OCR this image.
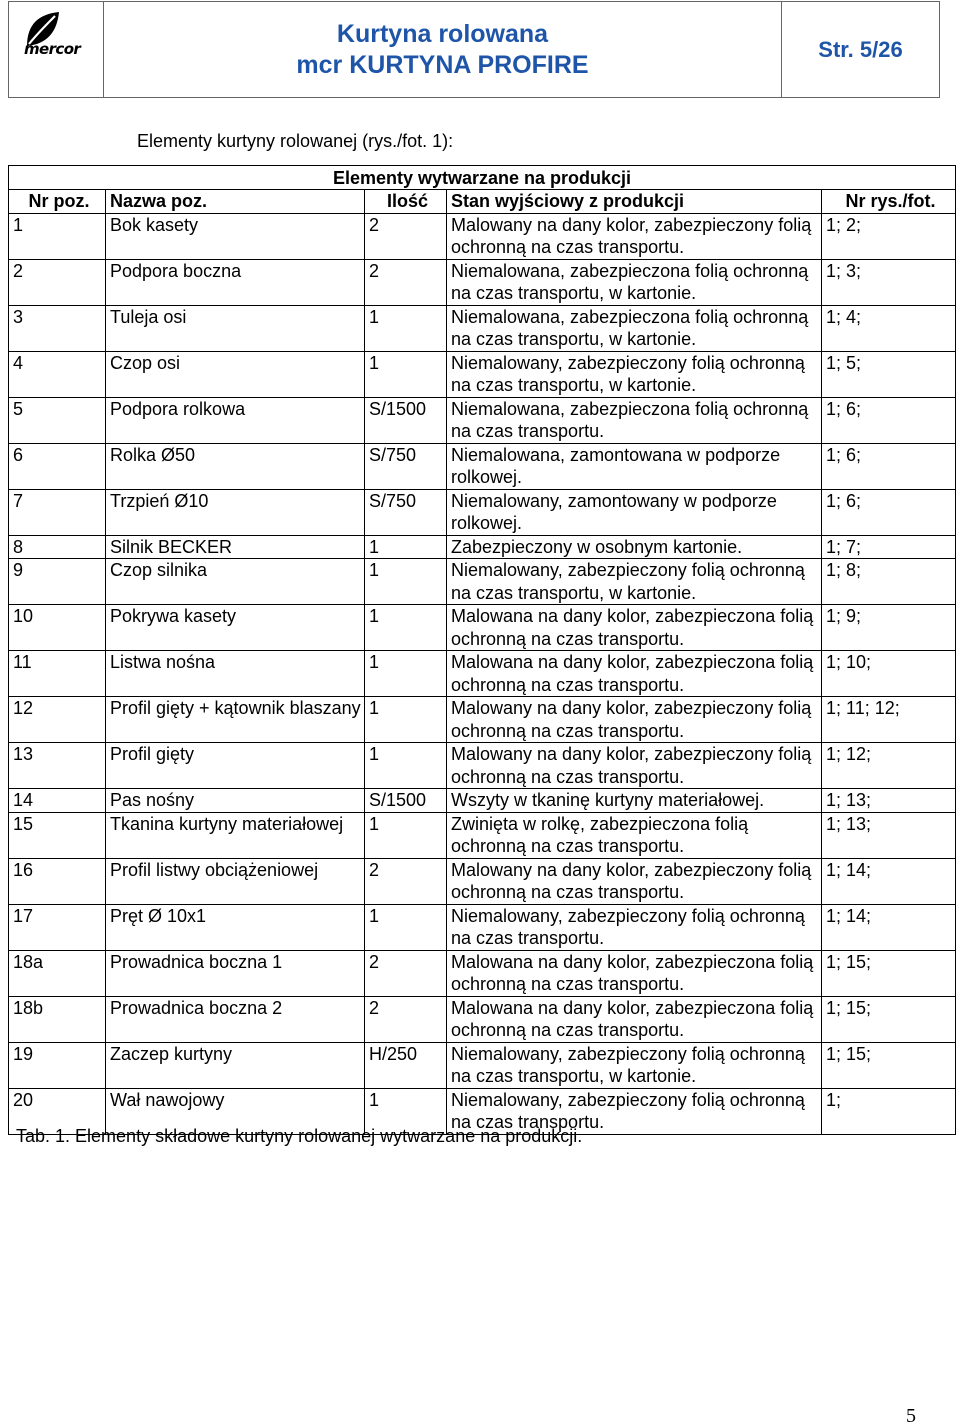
mercor
Kurtyna rolowana
mcr KURTYNA PROFIRE
Str. 5/26
Elementy kurtyny rolowanej (rys./fot. 1):
Elementy wytwarzane na produkcji				
Nr poz.	Nazwa poz.	Ilość	Stan wyjściowy z produkcji	Nr rys./fot.
1	Bok kasety	2	Malowany na dany kolor, zabezpieczony folią ochronną na czas transportu.	1; 2;
2	Podpora boczna	2	Niemalowana, zabezpieczona folią ochronną na czas transportu, w kartonie.	1; 3;
3	Tuleja osi	1	Niemalowana, zabezpieczona folią ochronną na czas transportu, w kartonie.	1; 4;
4	Czop osi	1	Niemalowany, zabezpieczony folią ochronną na czas transportu, w kartonie.	1; 5;
5	Podpora rolkowa	S/1500	Niemalowana, zabezpieczona folią ochronną na czas transportu.	1; 6;
6	Rolka Ø50	S/750	Niemalowana, zamontowana w podporze rolkowej.	1; 6;
7	Trzpień Ø10	S/750	Niemalowany, zamontowany w podporze rolkowej.	1; 6;
8	Silnik BECKER	1	Zabezpieczony w osobnym kartonie.	1; 7;
9	Czop silnika	1	Niemalowany, zabezpieczony folią ochronną na czas transportu, w kartonie.	1; 8;
10	Pokrywa kasety	1	Malowana na dany kolor, zabezpieczona folią ochronną na czas transportu.	1; 9;
11	Listwa nośna	1	Malowana na dany kolor, zabezpieczona folią ochronną na czas transportu.	1; 10;
12	Profil gięty + kątownik blaszany	1	Malowany na dany kolor, zabezpieczony folią ochronną na czas transportu.	1; 11; 12;
13	Profil gięty	1	Malowany na dany kolor, zabezpieczony folią ochronną na czas transportu.	1; 12;
14	Pas nośny	S/1500	Wszyty w tkaninę kurtyny materiałowej.	1; 13;
15	Tkanina kurtyny materiałowej	1	Zwinięta w rolkę, zabezpieczona folią ochronną na czas transportu.	1; 13;
16	Profil listwy obciążeniowej	2	Malowany na dany kolor, zabezpieczony folią ochronną na czas transportu.	1; 14;
17	Pręt Ø 10x1	1	Niemalowany, zabezpieczony folią ochronną na czas transportu.	1; 14;
18a	Prowadnica boczna 1	2	Malowana na dany kolor, zabezpieczona folią ochronną na czas transportu.	1; 15;
18b	Prowadnica boczna 2	2	Malowana na dany kolor, zabezpieczona folią ochronną na czas transportu.	1; 15;
19	Zaczep kurtyny	H/250	Niemalowany, zabezpieczony folią ochronną na czas transportu, w kartonie.	1; 15;
20	Wał nawojowy	1	Niemalowany, zabezpieczony folią ochronną na czas transportu.	1;
Tab. 1. Elementy składowe kurtyny rolowanej wytwarzane na produkcji.
5
